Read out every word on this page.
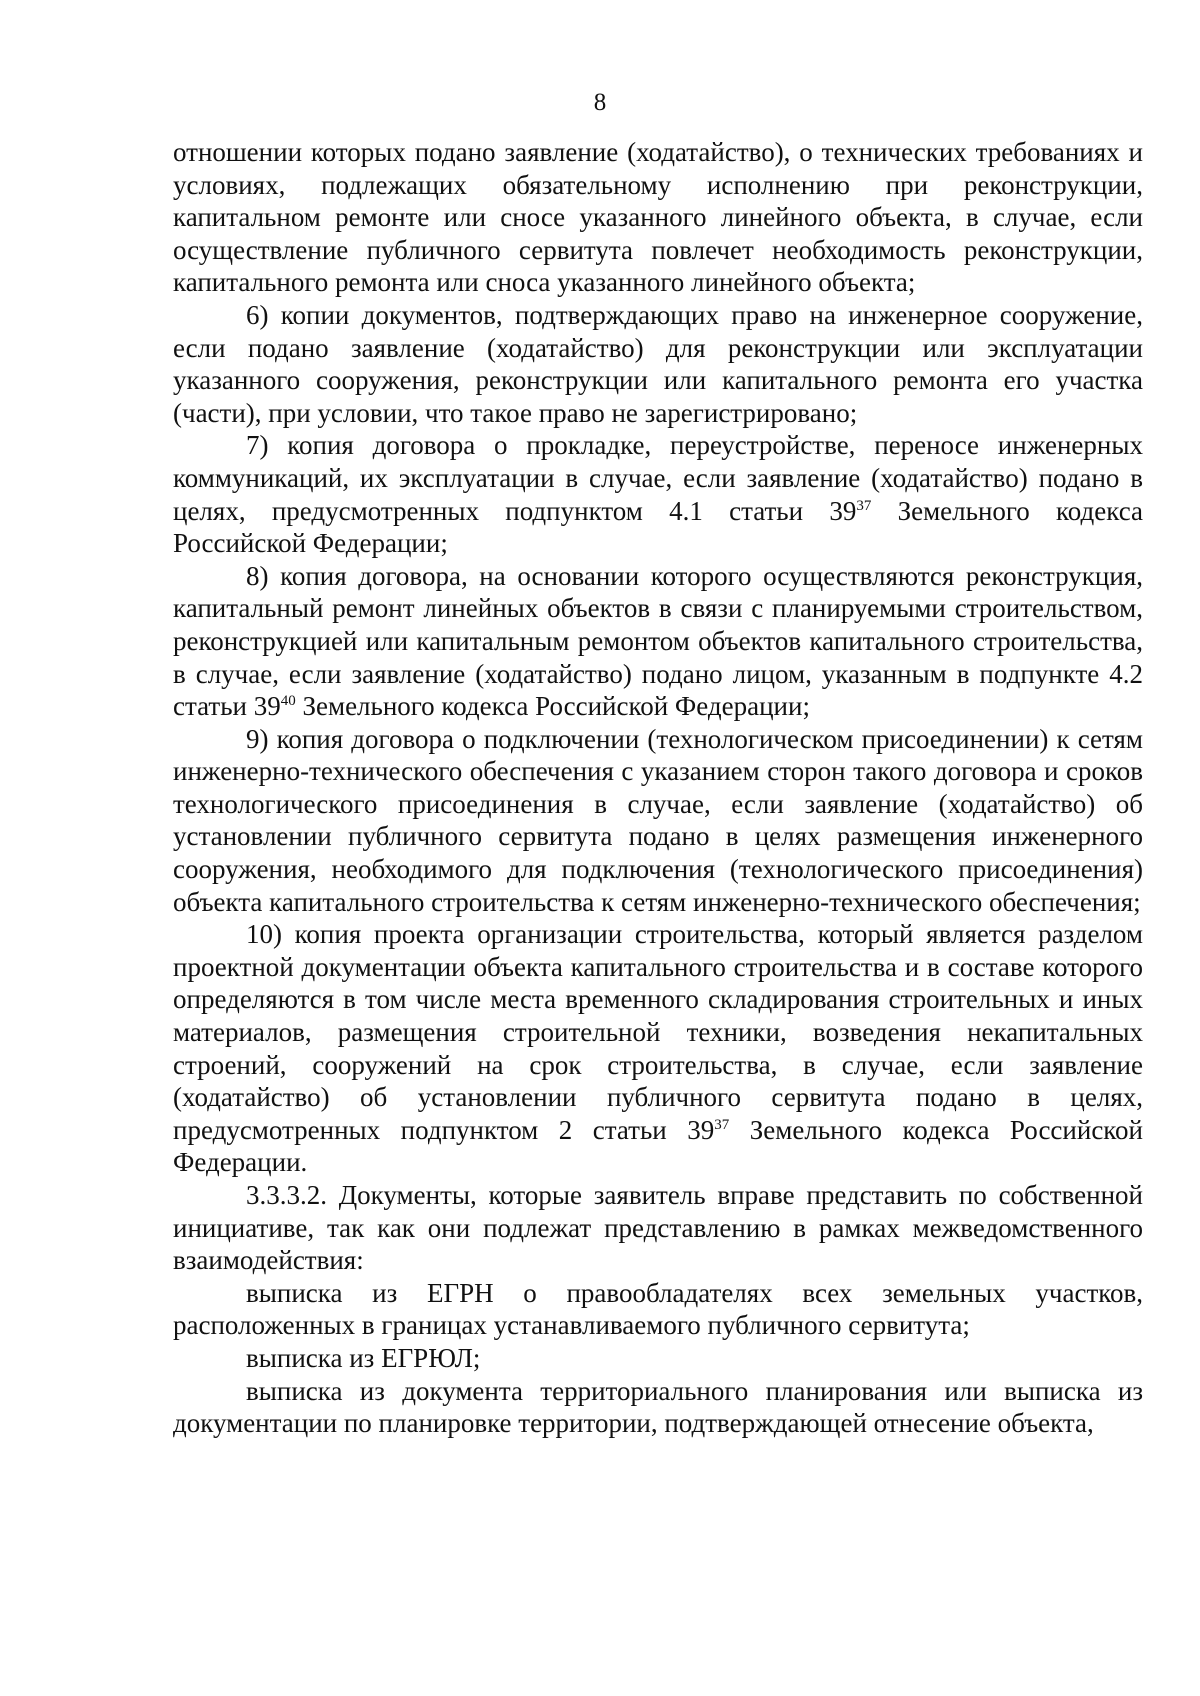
8

отношении которых подано заявление (ходатайство), о технических требованиях и условиях, подлежащих обязательному исполнению при реконструкции, капитальном ремонте или сносе указанного линейного объекта, в случае, если осуществление публичного сервитута повлечет необходимость реконструкции, капитального ремонта или сноса указанного линейного объекта;

6) копии документов, подтверждающих право на инженерное сооружение, если подано заявление (ходатайство) для реконструкции или эксплуатации указанного сооружения, реконструкции или капитального ремонта его участка (части), при условии, что такое право не зарегистрировано;

7) копия договора о прокладке, переустройстве, переносе инженерных коммуникаций, их эксплуатации в случае, если заявление (ходатайство) подано в целях, предусмотренных подпунктом 4.1 статьи $39^{37}$ Земельного кодекса Российской Федерации;

8) копия договора, на основании которого осуществляются реконструкция, капитальный ремонт линейных объектов в связи с планируемыми строительством, реконструкцией или капитальным ремонтом объектов капитального строительства, в случае, если заявление (ходатайство) подано лицом, указанным в подпункте 4.2 статьи $39^{40}$ Земельного кодекса Российской Федерации;

9) копия договора о подключении (технологическом присоединении) к сетям инженерно-технического обеспечения с указанием сторон такого договора и сроков технологического присоединения в случае, если заявление (ходатайство) об установлении публичного сервитута подано в целях размещения инженерного сооружения, необходимого для подключения (технологического присоединения) объекта капитального строительства к сетям инженерно-технического обеспечения;

10) копия проекта организации строительства, который является разделом проектной документации объекта капитального строительства и в составе которого определяются в том числе места временного складирования строительных и иных материалов, размещения строительной техники, возведения некапитальных строений, сооружений на срок строительства, в случае, если заявление (ходатайство) об установлении публичного сервитута подано в целях, предусмотренных подпунктом 2 статьи $39^{37}$ Земельного кодекса Российской Федерации.

3.3.3.2. Документы, которые заявитель вправе представить по собственной инициативе, так как они подлежат представлению в рамках межведомственного взаимодействия:

выписка из ЕГРН о правообладателях всех земельных участков, расположенных в границах устанавливаемого публичного сервитута;

выписка из ЕГРЮЛ;

выписка из документа территориального планирования или выписка из документации по планировке территории, подтверждающей отнесение объекта,
